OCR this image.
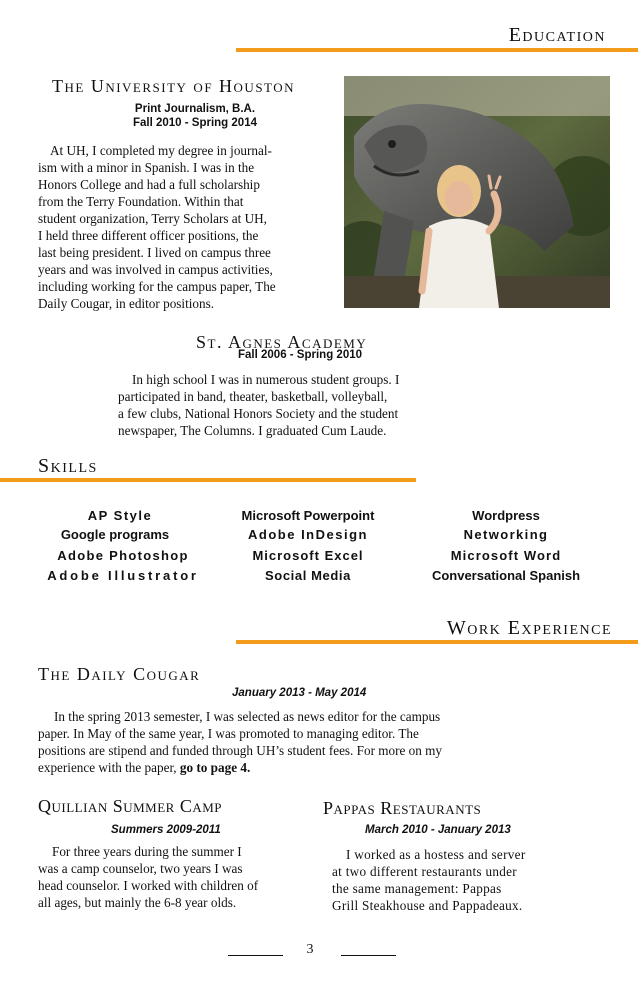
Education
The University of Houston
Print Journalism, B.A.
Fall 2010 - Spring 2014

At UH, I completed my degree in journal-

ism with a minor in Spanish. I was in the

Honors College and had a full scholarship

from the Terry Foundation. Within that

student organization, Terry Scholars at UH,

I held three different officer positions, the

last being president. I lived on campus three

years and was involved in campus activities,

including working for the campus paper, The

Daily Cougar, in editor positions.

St. Agnes Academy
Fall 2006 - Spring 2010

In high school I was in numerous student groups. I

participated in band, theater, basketball, volleyball,

a few clubs, National Honors Society and the student

newspaper, The Columns. I graduated Cum Laude.

Skills
AP Style
Google programs
Adobe Photoshop
Adobe Illustrator
Microsoft Powerpoint
Adobe InDesign
Microsoft Excel
Social Media
Wordpress
Networking
Microsoft Word
Conversational Spanish
Work Experience
The Daily Cougar
January 2013 - May 2014

In the spring 2013 semester, I was selected as news editor for the campus

paper. In May of the same year, I was promoted to managing editor. The

positions are stipend and funded through UH’s student fees. For more on my

experience with the paper, go to page 4.

Quillian Summer Camp
Summers 2009-2011

For three years during the summer I

was a camp counselor, two years I was

head counselor. I worked with children of

all ages, but mainly the 6-8 year olds.

Pappas Restaurants
March 2010 - January 2013

I worked as a hostess and server

at two different restaurants under

the same management: Pappas

Grill Steakhouse and Pappadeaux.

3
